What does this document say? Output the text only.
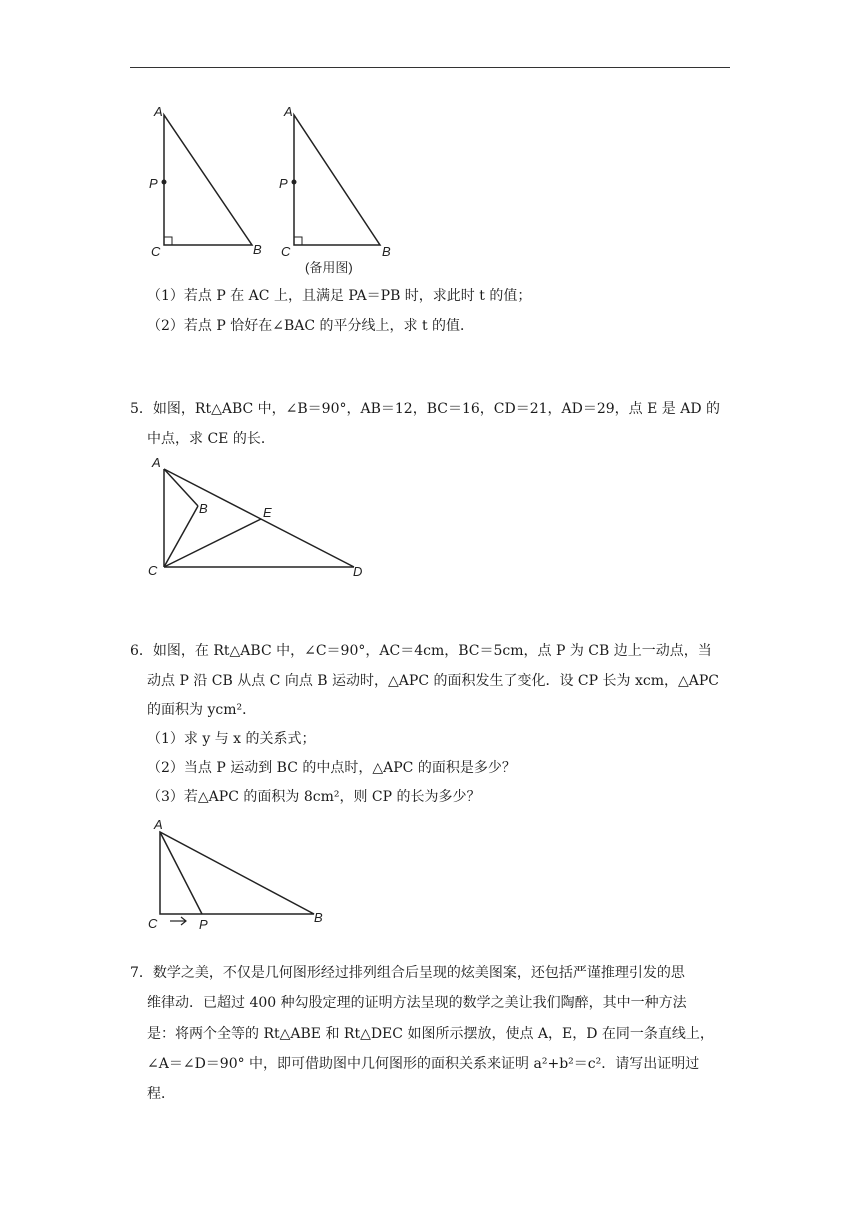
A
P
C	B
A
P
C	B
(备用图)
（1）若点 P 在 AC 上，且满足 PA＝PB 时，求此时 t 的值；
（2）若点 P 恰好在∠BAC 的平分线上，求 t 的值．
5．如图，Rt△ABC 中，∠B＝90°，AB＝12，BC＝16，CD＝21，AD＝29，点 E 是 AD 的
中点，求 CE 的长．
A
B	E
C	D
6．如图，在 Rt△ABC 中，∠C＝90°，AC＝4cm，BC＝5cm，点 P 为 CB 边上一动点，当
动点 P 沿 CB 从点 C 向点 B 运动时，△APC 的面积发生了变化．设 CP 长为 xcm，△APC
的面积为 ycm²．
（1）求 y 与 x 的关系式；
（2）当点 P 运动到 BC 的中点时，△APC 的面积是多少？
（3）若△APC 的面积为 8cm²，则 CP 的长为多少？
A
C	P	B
7．数学之美，不仅是几何图形经过排列组合后呈现的炫美图案，还包括严谨推理引发的思
维律动．已超过 400 种勾股定理的证明方法呈现的数学之美让我们陶醉，其中一种方法
是：将两个全等的 Rt△ABE 和 Rt△DEC 如图所示摆放，使点 A，E，D 在同一条直线上，
∠A＝∠D＝90° 中，即可借助图中几何图形的面积关系来证明 a²+b²＝c²．请写出证明过
程．
